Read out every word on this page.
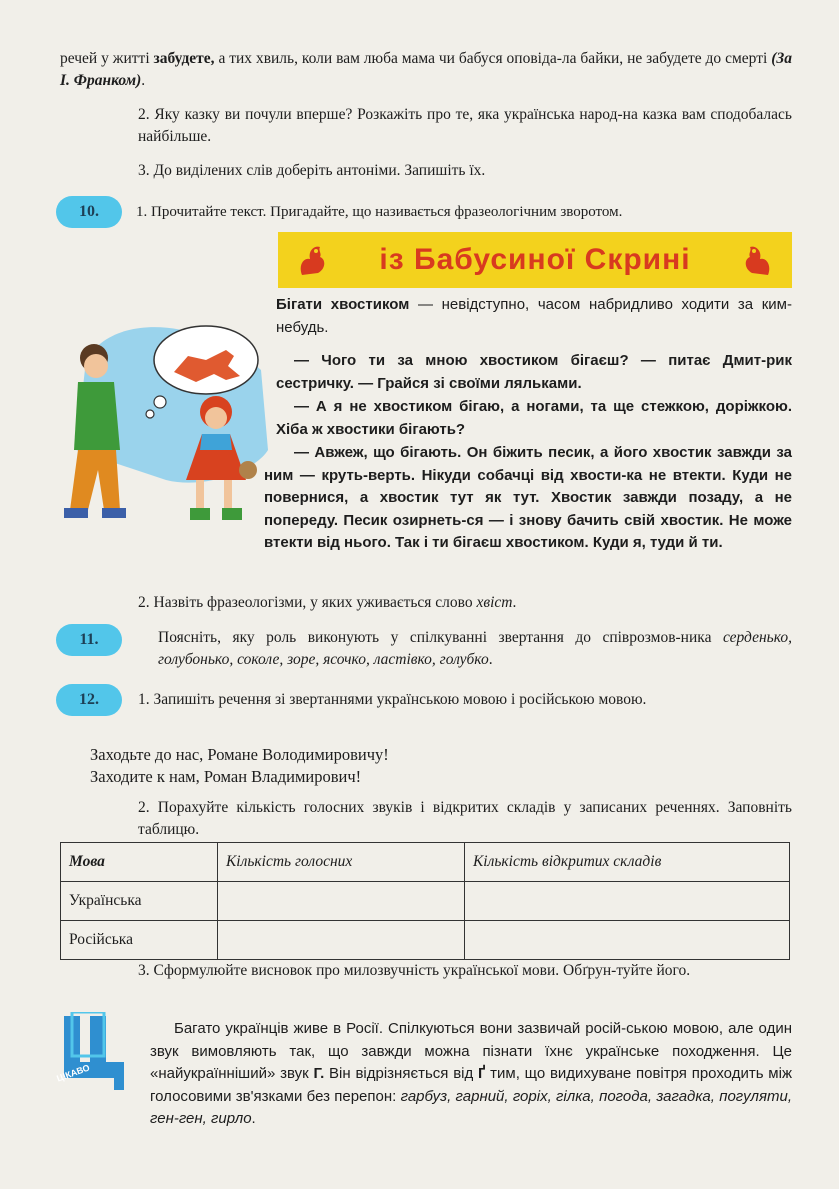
речей у житті забудете, а тих хвиль, коли вам люба мама чи бабуся оповіда-ла байки, не забудете до смерті (За І. Франком).
2. Яку казку ви почули вперше? Розкажіть про те, яка українська народ-на казка вам сподобалась найбільше.
3. До виділених слів доберіть антоніми. Запишіть їх.
10.	1. Прочитайте текст. Пригадайте, що називається фразеологічним зворотом.
із Бабусиної Скрині
Бігати хвостиком — невідступно, часом набридливо ходити за ким-небудь.
— Чого ти за мною хвостиком бігаєш? — питає Дмит-рик сестричку. — Грайся зі своїми ляльками.
— А я не хвостиком бігаю, а ногами, та ще стежкою, доріжкою. Хіба ж хвостики бігають?
— Авжеж, що бігають. Он біжить песик, а його хвостик завжди за ним — круть-верть. Нікуди собачці від хвости-ка не втекти. Куди не повернися, а хвостик тут як тут. Хвостик завжди позаду, а не попереду. Песик озирнеть-ся — і знову бачить свій хвостик. Не може втекти від нього. Так і ти бігаєш хвостиком. Куди я, туди й ти.
2. Назвіть фразеологізми, у яких уживається слово хвіст.
11.	Поясніть, яку роль виконують у спілкуванні звертання до співрозмов-ника серденько, голубонько, соколе, зоре, ясочко, ластівко, голубко.
12.	1. Запишіть речення зі звертаннями українською мовою і російською мовою.
Заходьте до нас, Романе Володимировичу!
Заходите к нам, Роман Владимирович!
2. Порахуйте кількість голосних звуків і відкритих складів у записаних реченнях. Заповніть таблицю.
Мова	Кількість голосних	Кількість відкритих складів
Українська		
Російська		
3. Сформулюйте висновок про милозвучність української мови. Обґрун-туйте його.
ЦІКАВО
Багато українців живе в Росії. Спілкуються вони зазвичай росій-ською мовою, але один звук вимовляють так, що завжди можна пізнати їхнє українське походження. Це «найукраїнніший» звук Г. Він відрізняється від Ґ тим, що видихуване повітря проходить між голосовими зв'язками без перепон: гарбуз, гарний, горіх, гілка, погода, загадка, погуляти, ген-ген, гирло.
